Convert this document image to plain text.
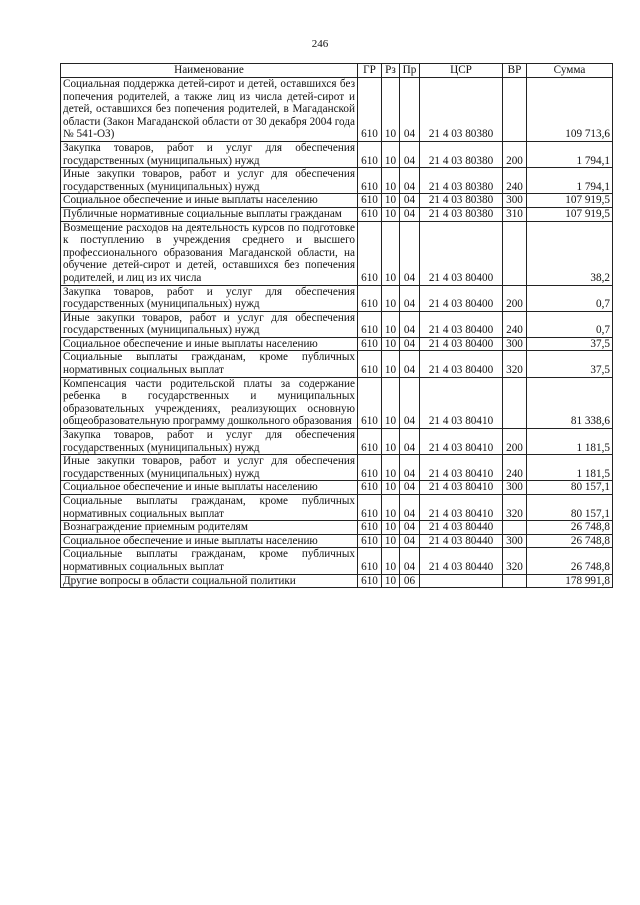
246
Наименование	ГР	Рз	Пр	ЦСР	ВР	Сумма
Социальная поддержка детей-сирот и детей, оставшихся без попечения родителей, а также лиц из числа детей-сирот и детей, оставшихся без попечения родителей, в Магаданской области (Закон Магаданской области от 30 декабря 2004 года № 541-ОЗ)	610	10	04	21 4 03 80380		109 713,6
Закупка товаров, работ и услуг для обеспечения государственных (муниципальных) нужд	610	10	04	21 4 03 80380	200	1 794,1
Иные закупки товаров, работ и услуг для обеспечения государственных (муниципальных) нужд	610	10	04	21 4 03 80380	240	1 794,1
Социальное обеспечение и иные выплаты населению	610	10	04	21 4 03 80380	300	107 919,5
Публичные нормативные социальные выплаты гражданам	610	10	04	21 4 03 80380	310	107 919,5
Возмещение расходов на деятельность курсов по подготовке к поступлению в учреждения среднего и высшего профессионального образования Магаданской области, на обучение детей-сирот и детей, оставшихся без попечения родителей, и лиц из их числа	610	10	04	21 4 03 80400		38,2
Закупка товаров, работ и услуг для обеспечения государственных (муниципальных) нужд	610	10	04	21 4 03 80400	200	0,7
Иные закупки товаров, работ и услуг для обеспечения государственных (муниципальных) нужд	610	10	04	21 4 03 80400	240	0,7
Социальное обеспечение и иные выплаты населению	610	10	04	21 4 03 80400	300	37,5
Социальные выплаты гражданам, кроме публичных нормативных социальных выплат	610	10	04	21 4 03 80400	320	37,5
Компенсация части родительской платы за содержание ребенка в государственных и муниципальных образовательных учреждениях, реализующих основную общеобразовательную программу дошкольного образования	610	10	04	21 4 03 80410		81 338,6
Закупка товаров, работ и услуг для обеспечения государственных (муниципальных) нужд	610	10	04	21 4 03 80410	200	1 181,5
Иные закупки товаров, работ и услуг для обеспечения государственных (муниципальных) нужд	610	10	04	21 4 03 80410	240	1 181,5
Социальное обеспечение и иные выплаты населению	610	10	04	21 4 03 80410	300	80 157,1
Социальные выплаты гражданам, кроме публичных нормативных социальных выплат	610	10	04	21 4 03 80410	320	80 157,1
Вознаграждение приемным родителям	610	10	04	21 4 03 80440		26 748,8
Социальное обеспечение и иные выплаты населению	610	10	04	21 4 03 80440	300	26 748,8
Социальные выплаты гражданам, кроме публичных нормативных социальных выплат	610	10	04	21 4 03 80440	320	26 748,8
Другие вопросы в области социальной политики	610	10	06			178 991,8
